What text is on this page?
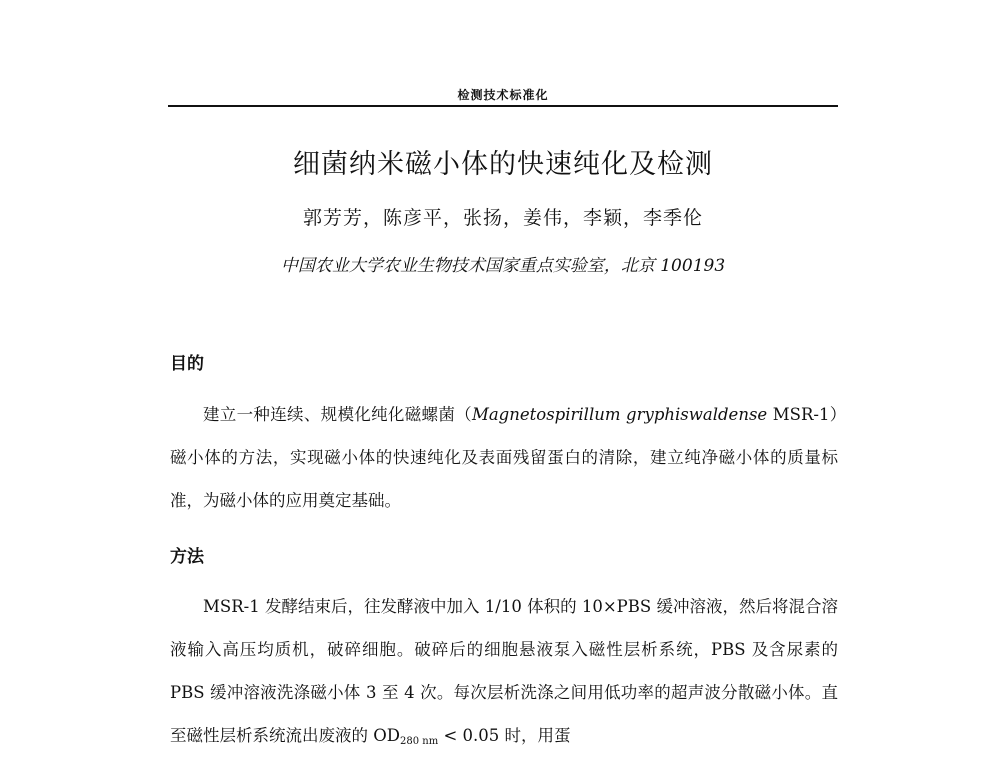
检测技术标准化
细菌纳米磁小体的快速纯化及检测
郭芳芳，陈彦平，张扬，姜伟，李颖，李季伦
中国农业大学农业生物技术国家重点实验室，北京 100193
目的

建立一种连续、规模化纯化磁螺菌（Magnetospirillum gryphiswaldense MSR-1）磁小体的方法，实现磁小体的快速纯化及表面残留蛋白的清除，建立纯净磁小体的质量标准，为磁小体的应用奠定基础。

方法

MSR-1 发酵结束后，往发酵液中加入 1/10 体积的 10×PBS 缓冲溶液，然后将混合溶液输入高压均质机，破碎细胞。破碎后的细胞悬液泵入磁性层析系统，PBS 及含尿素的 PBS 缓冲溶液洗涤磁小体 3 至 4 次。每次层析洗涤之间用低功率的超声波分散磁小体。直至磁性层析系统流出废液的 $OD_{280 nm} < 0.05$ 时，用蛋
